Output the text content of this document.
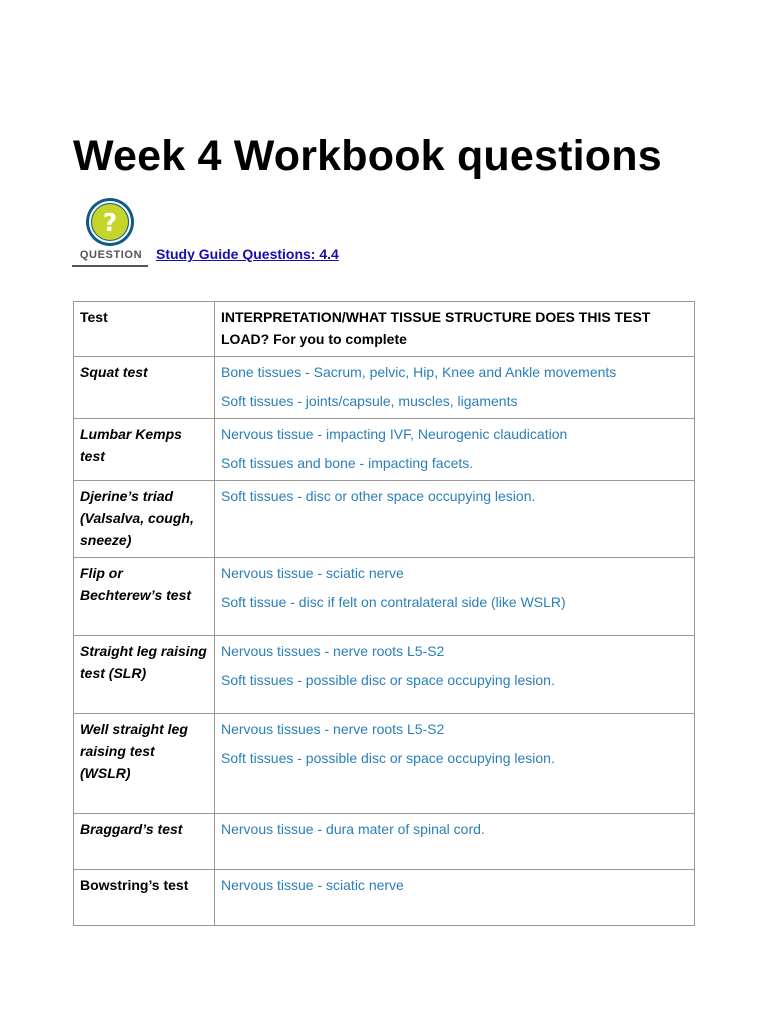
Week 4 Workbook questions
?
QUESTION Study Guide Questions: 4.4
Test	INTERPRETATION/WHAT TISSUE STRUCTURE DOES THIS TEST LOAD? For you to complete
Squat test	Bone tissues - Sacrum, pelvic, Hip, Knee and Ankle movements
Soft tissues - joints/capsule, muscles, ligaments

Lumbar Kemps test	Nervous tissue - impacting IVF, Neurogenic claudication
Soft tissues and bone - impacting facets.

Djerine’s triad (Valsalva, cough, sneeze)	Soft tissues - disc or other space occupying lesion.

Flip or Bechterew’s test	Nervous tissue - sciatic nerve
Soft tissue - disc if felt on contralateral side (like WSLR)

Straight leg raising test (SLR)	Nervous tissues - nerve roots L5-S2
Soft tissues - possible disc or space occupying lesion.

Well straight leg raising test (WSLR)	Nervous tissues - nerve roots L5-S2
Soft tissues - possible disc or space occupying lesion.

Braggard’s test	Nervous tissue - dura mater of spinal cord.

Bowstring’s test	Nervous tissue - sciatic nerve
